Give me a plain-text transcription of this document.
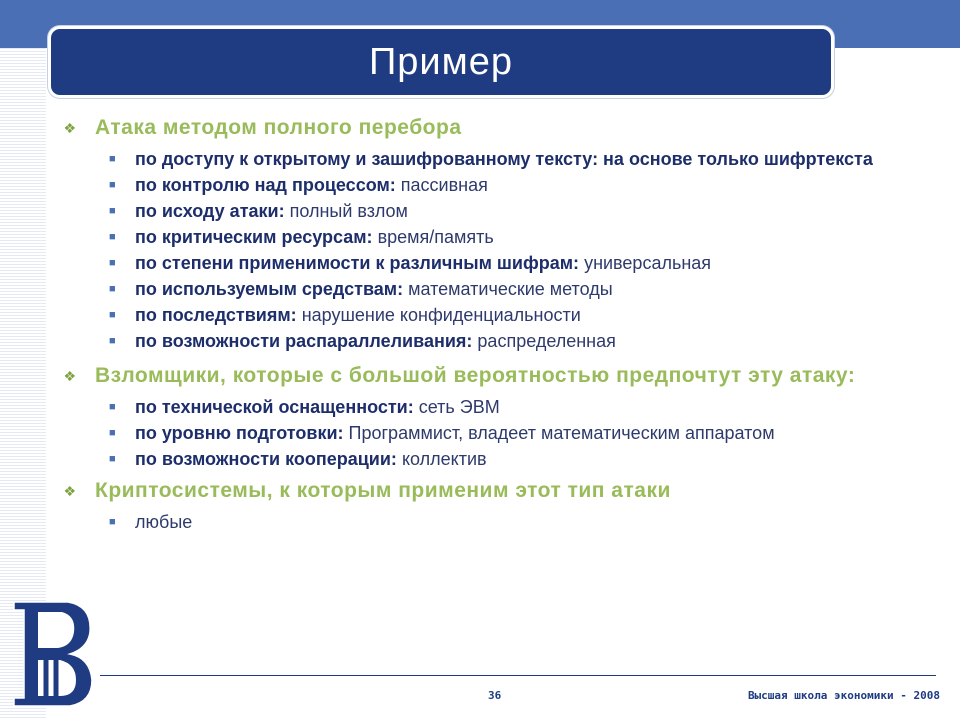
Пример
❖ Атака методом полного перебора
■ по доступу к открытому и зашифрованному тексту: на основе только шифртекста
■ по контролю над процессом: пассивная
■ по исходу атаки: полный взлом
■ по критическим ресурсам: время/память
■ по степени применимости к различным шифрам: универсальная
■ по используемым средствам: математические методы
■ по последствиям: нарушение конфиденциальности
■ по возможности распараллеливания: распределенная
❖ Взломщики, которые с большой вероятностью предпочтут эту атаку:
■ по технической оснащенности: сеть ЭВМ
■ по уровню подготовки: Программист, владеет математическим аппаратом
■ по возможности кооперации: коллектив
❖ Криптосистемы, к которым применим этот тип атаки
■ любые
36	Высшая школа экономики - 2008
